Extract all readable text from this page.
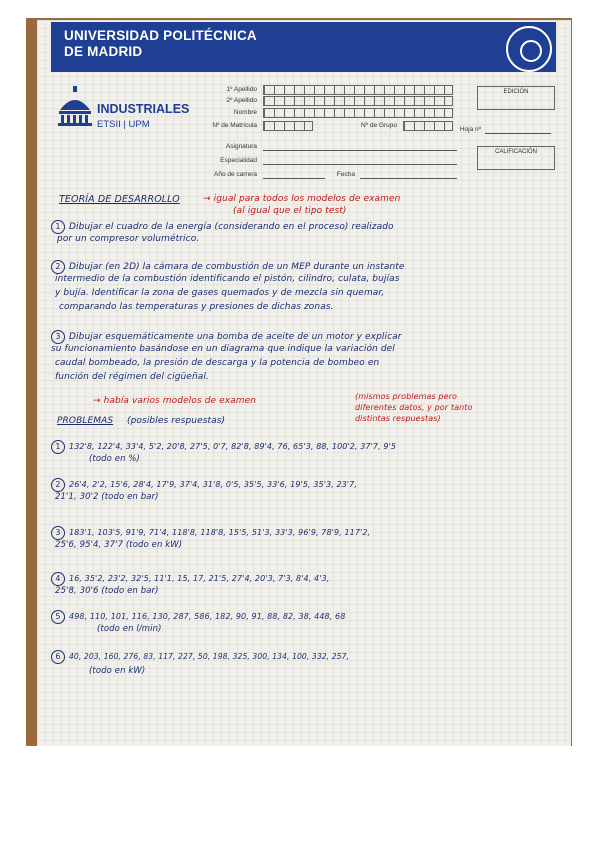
UNIVERSIDAD POLITÉCNICA
DE MADRID
INDUSTRIALES
ETSII | UPM
1º Apellido
2º Apellido
Nombre
Nº de Matrícula	Nº de Grupo
EDICIÓN
Hoja nº
CALIFICACIÓN
Asignatura
Especialidad
Año de carrera	Fecha
TEORÍA DE DESARROLLO	→ igual para todos los modelos de examen
(al igual que el tipo test)
1 Dibujar el cuadro de la energía (considerando en el proceso) realizado
por un compresor volumétrico.
2 Dibujar (en 2D) la cámara de combustión de un MEP durante un instante
intermedio de la combustión identificando el pistón, cilindro, culata, bujías
y bujía. Identificar la zona de gases quemados y de mezcla sin quemar,
comparando las temperaturas y presiones de dichas zonas.
3 Dibujar esquemáticamente una bomba de aceite de un motor y explicar
su funcionamiento basándose en un diagrama que indique la variación del
caudal bombeado, la presión de descarga y la potencia de bombeo en
función del régimen del cigüeñal.
→ había varios modelos de examen	(mismos problemas pero
diferentes datos, y por tanto
distintas respuestas)
PROBLEMAS (posibles respuestas)
1 132'8, 122'4, 33'4, 5'2, 20'8, 27'5, 0'7, 82'8, 89'4, 76, 65'3, 88, 100'2, 37'7, 9'5
(todo en %)
2 26'4, 2'2, 15'6, 28'4, 17'9, 37'4, 31'8, 0'5, 35'5, 33'6, 19'5, 35'3, 23'7,
21'1, 30'2 (todo en bar)
3 183'1, 103'5, 91'9, 71'4, 118'8, 118'8, 15'5, 51'3, 33'3, 96'9, 78'9, 117'2,
25'6, 95'4, 37'7 (todo en kW)
4 16, 35'2, 23'2, 32'5, 11'1, 15, 17, 21'5, 27'4, 20'3, 7'3, 8'4, 4'3,
25'8, 30'6 (todo en bar)
5 498, 110, 101, 116, 130, 287, 586, 182, 90, 91, 88, 82, 38, 448, 68
(todo en l/min)
6 40, 203, 160, 276, 83, 117, 227, 50, 198, 325, 300, 134, 100, 332, 257,
(todo en kW)
